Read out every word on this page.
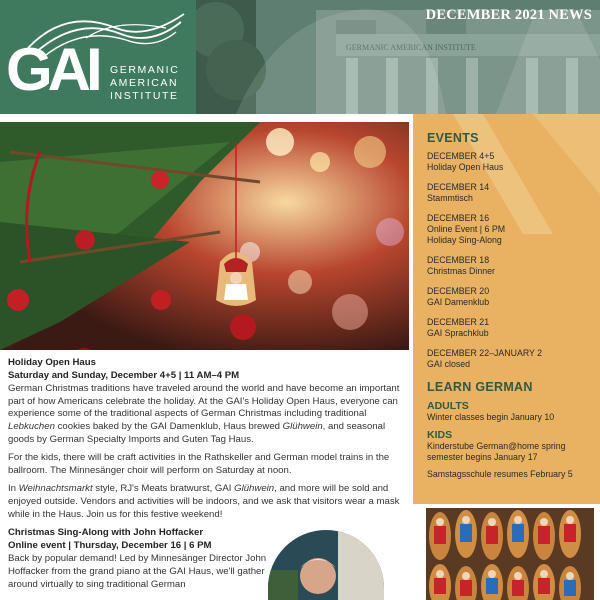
GERMANIC AMERICAN INSTITUTE
GAI GERMANIC
AMERICAN
INSTITUTE
DECEMBER 2021 NEWS
Holiday Open Haus
Saturday and Sunday, December 4+5 | 11 AM–4 PM

German Christmas traditions have traveled around the world and have become an important part of how Americans celebrate the holiday. At the GAI's Holiday Open Haus, everyone can experience some of the traditional aspects of German Christmas including traditional Lebkuchen cookies baked by the GAI Damenklub, Haus brewed Glühwein, and seasonal goods by German Specialty Imports and Guten Tag Haus.

For the kids, there will be craft activities in the Rathskeller and German model trains in the ballroom. The Minnesänger choir will perform on Saturday at noon.

In Weihnachtsmarkt style, RJ's Meats bratwurst, GAI Glühwein, and more will be sold and enjoyed outside. Vendors and activities will be indoors, and we ask that visitors wear a mask while in the Haus. Join us for this festive weekend!

Christmas Sing-Along with John Hoffacker
Online event | Thursday, December 16 | 6 PM

Back by popular demand! Led by Minnesänger Director John Hoffacker from the grand piano at the GAI Haus, we'll gather around virtually to sing traditional German

EVENTS
DECEMBER 4+5
Holiday Open Haus
DECEMBER 14
Stammtisch
DECEMBER 16
Online Event | 6 PM
Holiday Sing-Along
DECEMBER 18
Christmas Dinner
DECEMBER 20
GAI Damenklub
DECEMBER 21
GAI Sprachklub
DECEMBER 22–JANUARY 2
GAI closed
LEARN GERMAN
ADULTS
Winter classes begin January 10
KIDS
Kinderstube German@home spring semester begins January 17
Samstagsschule resumes February 5
